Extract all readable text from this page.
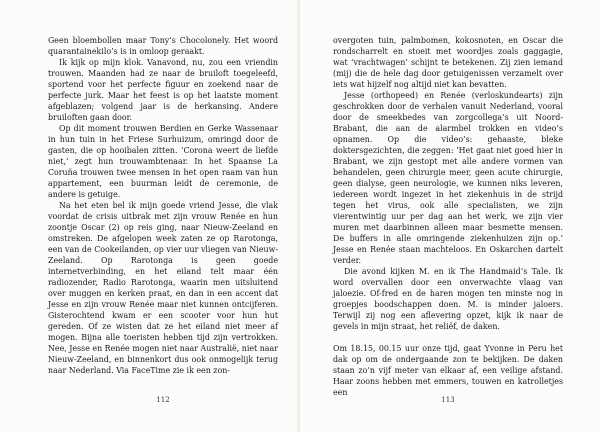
Geen bloembollen maar Tony’s Chocolonely. Het woord quarantainekilo’s is in omloop geraakt.

Ik kijk op mijn klok. Vanavond, nu, zou een vriendin trouwen. Maanden had ze naar de bruiloft toegeleefd, sportend voor het perfecte figuur en zoekend naar de perfecte jurk. Maar het feest is op het laatste moment afgeblazen; volgend jaar is de herkansing. Andere bruiloften gaan door.

Op dit moment trouwen Berdien en Gerke Wassenaar in hun tuin in het Friese Surhuizum, omringd door de gasten, die op hooibalen zitten. ‘Corona weert de liefde niet,’ zegt hun trouwambtenaar. In het Spaanse La Coruña trouwen twee mensen in het open raam van hun appartement, een buurman leidt de ceremonie, de andere is getuige.

Na het eten bel ik mijn goede vriend Jesse, die vlak voordat de crisis uitbrak met zijn vrouw Renée en hun zoontje Oscar (2) op reis ging, naar Nieuw-Zeeland en omstreken. De afgelopen week zaten ze op Rarotonga, een van de Cookeilanden, op vier uur vliegen van Nieuw-Zeeland. Op Rarotonga is geen goede internetverbinding, en het eiland telt maar één radiozender, Radio Rarotonga, waarin men uitsluitend over muggen en kerken praat, en dan in een accent dat Jesse en zijn vrouw Renée maar niet kunnen ontcijferen. Gisterochtend kwam er een scooter voor hun hut gereden. Of ze wisten dat ze het eiland niet meer af mogen. Bijna alle toeristen hebben tijd zijn vertrokken. Nee, Jesse en Renée mogen niet naar Australië, niet naar Nieuw-Zeeland, en binnenkort dus ook onmogelijk terug naar Nederland. Via FaceTime zie ik een zon-

112

overgoten tuin, palmbomen, kokosnoten, en Oscar die rondscharrelt en stoeit met woordjes zoals gaggagie, wat ‘vrachtwagen’ schijnt te betekenen. Zij zien iemand (mij) die de hele dag door getuigenissen verzamelt over iets wat hijzelf nog altijd niet kan bevatten.

Jesse (orthopeed) en Renée (verloskundearts) zijn geschrokken door de verhalen vanuit Nederland, vooral door de smeekbedes van zorgcollega’s uit Noord-Brabant, die aan de alarmbel trokken en video’s opnamen. Op die video’s: gehaaste, bleke doktersgezichten, die zeggen: ‘Het gaat niet goed hier in Brabant, we zijn gestopt met alle andere vormen van behandelen, geen chirurgie meer, geen acute chirurgie, geen dialyse, geen neurologie, we kunnen niks leveren, iedereen wordt ingezet in het ziekenhuis in de strijd tegen het virus, ook alle specialisten, we zijn vierentwintig uur per dag aan het werk, we zijn vier muren met daarbinnen alleen maar besmette mensen. De buffers in alle omringende ziekenhuizen zijn op.’ Jesse en Renée staan machteloos. En Oskarchen dartelt verder.

Die avond kijken M. en ik The Handmaid’s Tale. Ik word overvallen door een onverwachte vlaag van jaloezie. Of-fred en de haren mogen ten minste nog in groepjes boodschappen doen. M. is minder jaloers. Terwijl zij nog een aflevering opzet, kijk ik naar de gevels in mijn straat, het reliëf, de daken.

Om 18.15, 00.15 uur onze tijd, gaat Yvonne in Peru het dak op om de ondergaande zon te bekijken. De daken staan zo’n vijf meter van elkaar af, een veilige afstand. Haar zoons hebben met emmers, touwen en katrolletjes een

113
